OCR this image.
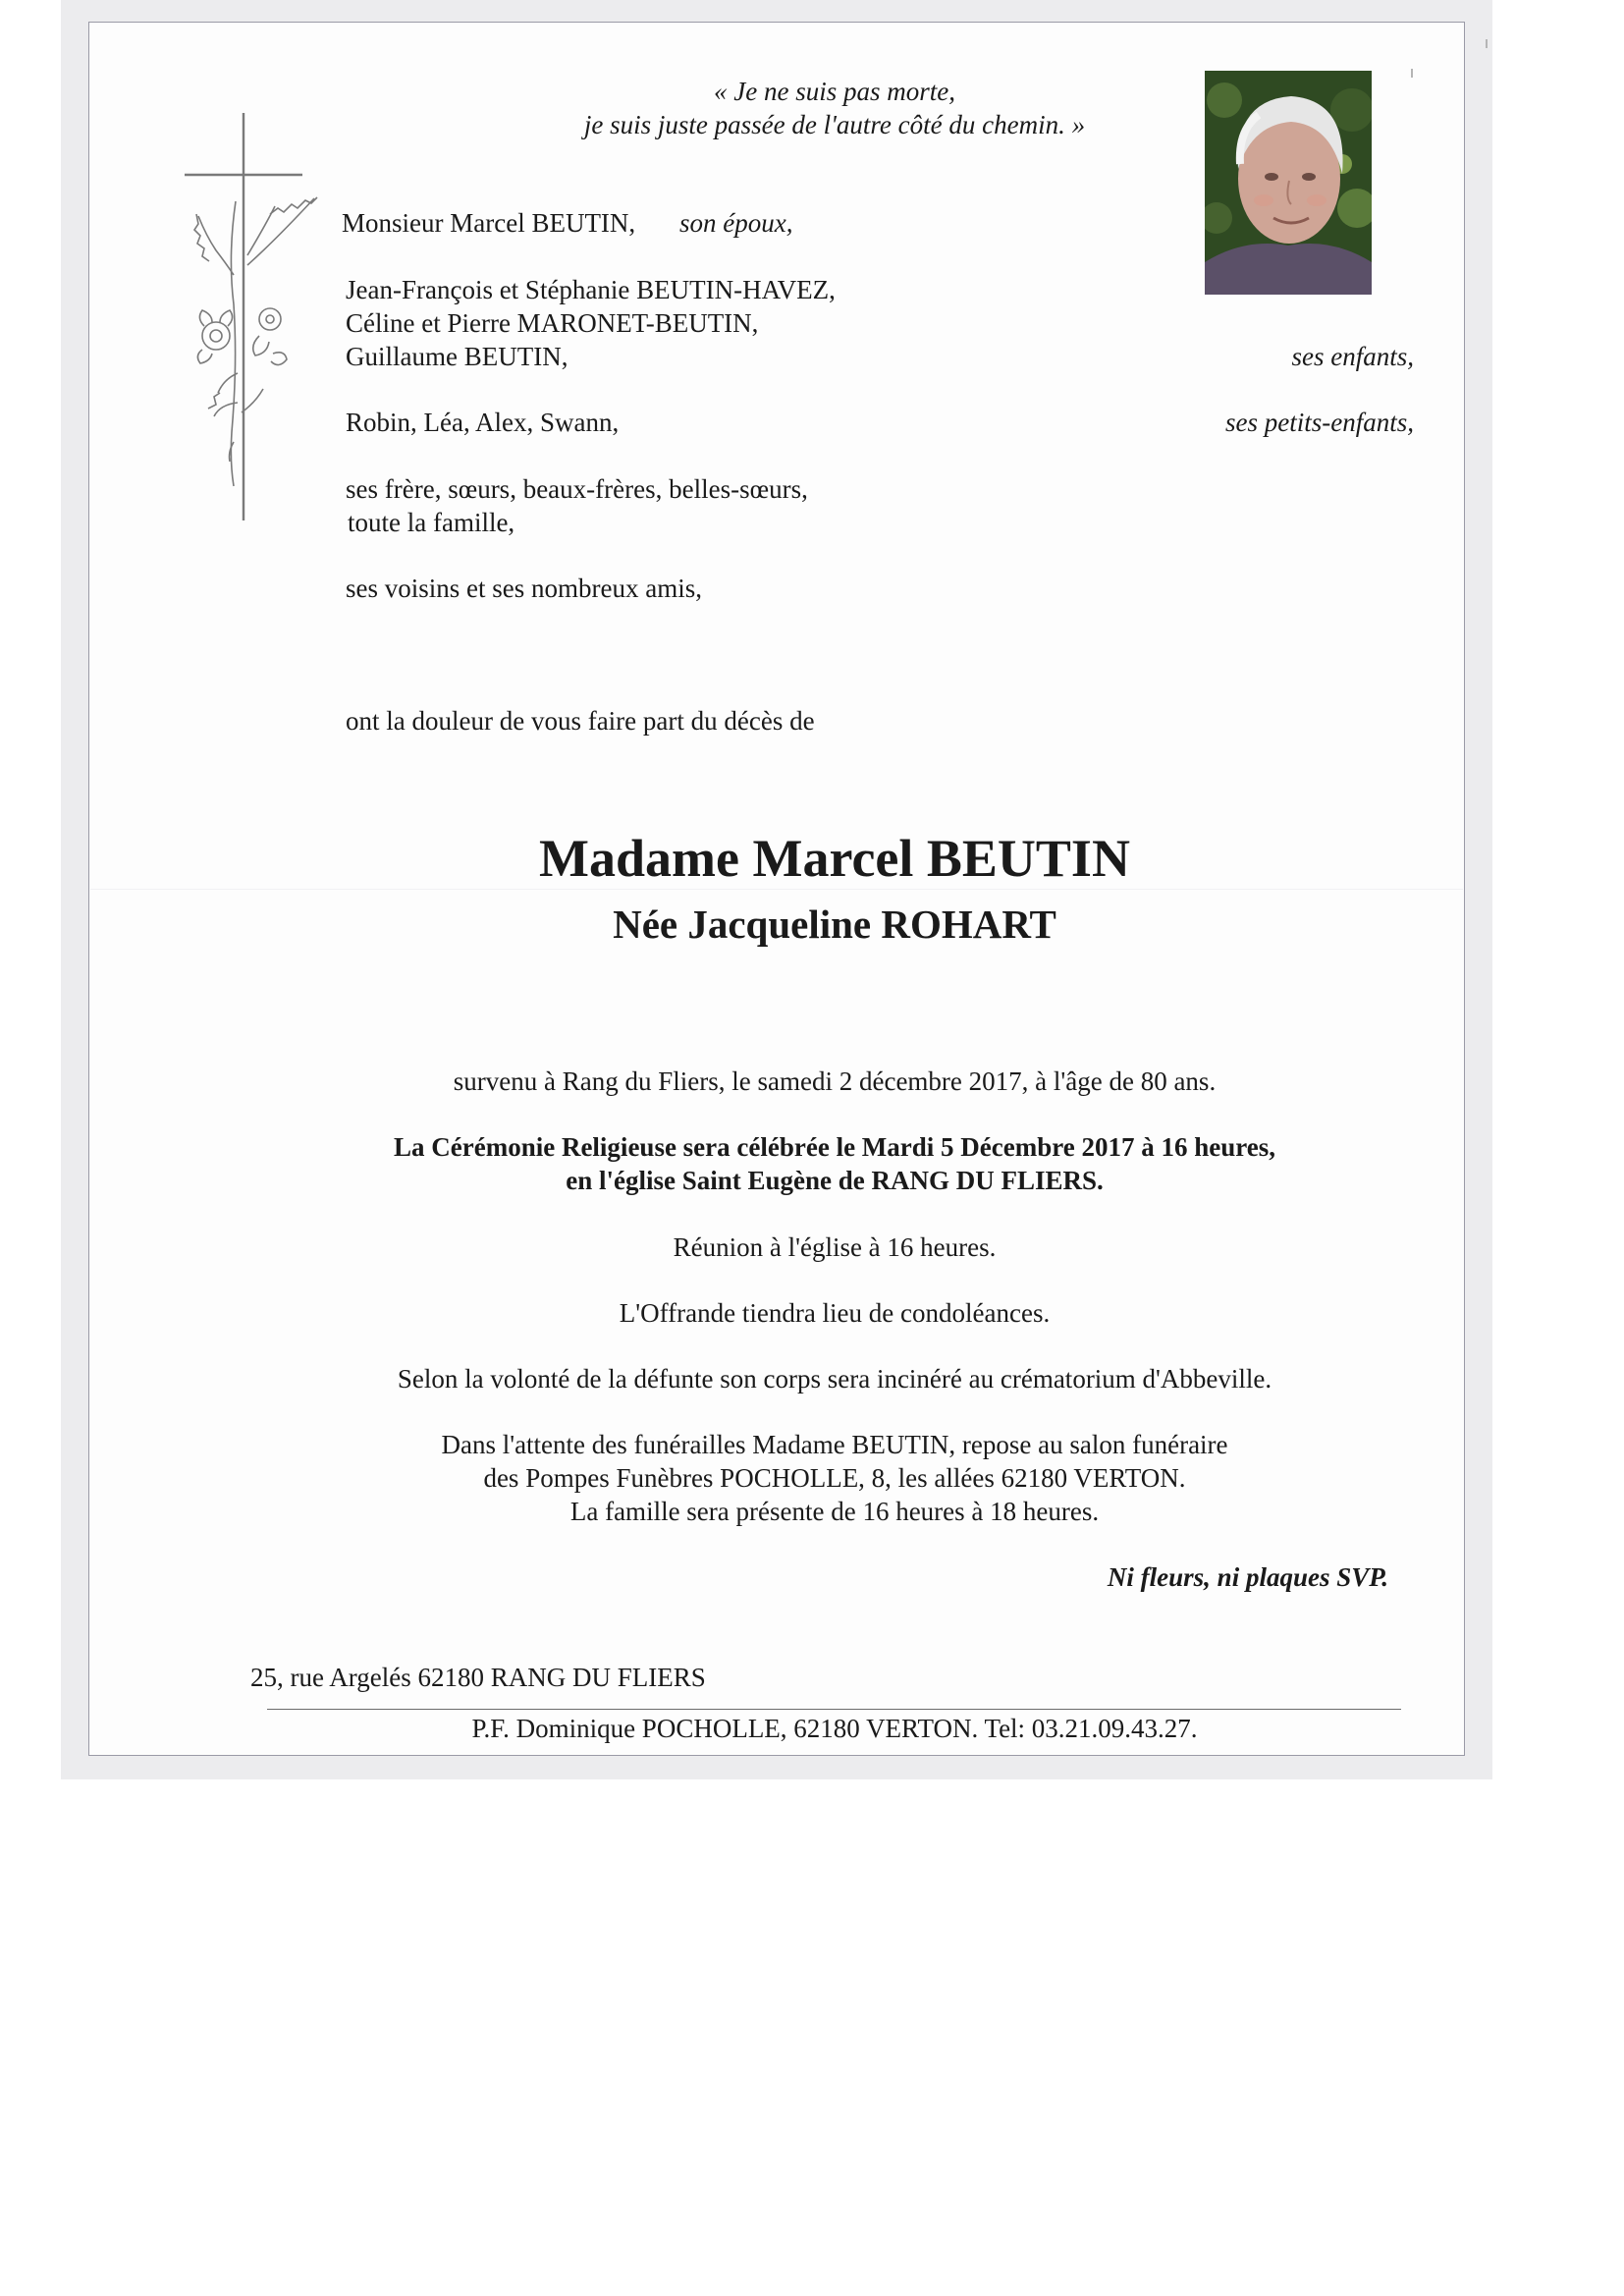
« Je ne suis pas morte,
je suis juste passée de l'autre côté du chemin. »
Monsieur Marcel BEUTIN, son époux,
Jean-François et Stéphanie BEUTIN-HAVEZ,
Céline et Pierre MARONET-BEUTIN,
Guillaume BEUTIN,	ses enfants,
Robin, Léa, Alex, Swann,	ses petits-enfants,
ses frère, sœurs, beaux-frères, belles-sœurs,
toute la famille,
ses voisins et ses nombreux amis,
ont la douleur de vous faire part du décès de
Madame Marcel BEUTIN
Née Jacqueline ROHART
survenu à Rang du Fliers, le samedi 2 décembre 2017, à l'âge de 80 ans.
La Cérémonie Religieuse sera célébrée le Mardi 5 Décembre 2017 à 16 heures,
en l'église Saint Eugène de RANG DU FLIERS.
Réunion à l'église à 16 heures.
L'Offrande tiendra lieu de condoléances.
Selon la volonté de la défunte son corps sera incinéré au crématorium d'Abbeville.
Dans l'attente des funérailles Madame BEUTIN, repose au salon funéraire
des Pompes Funèbres POCHOLLE, 8, les allées 62180 VERTON.
La famille sera présente de 16 heures à 18 heures.
Ni fleurs, ni plaques SVP.
25, rue Argelés 62180 RANG DU FLIERS
P.F. Dominique POCHOLLE, 62180 VERTON. Tel: 03.21.09.43.27.
